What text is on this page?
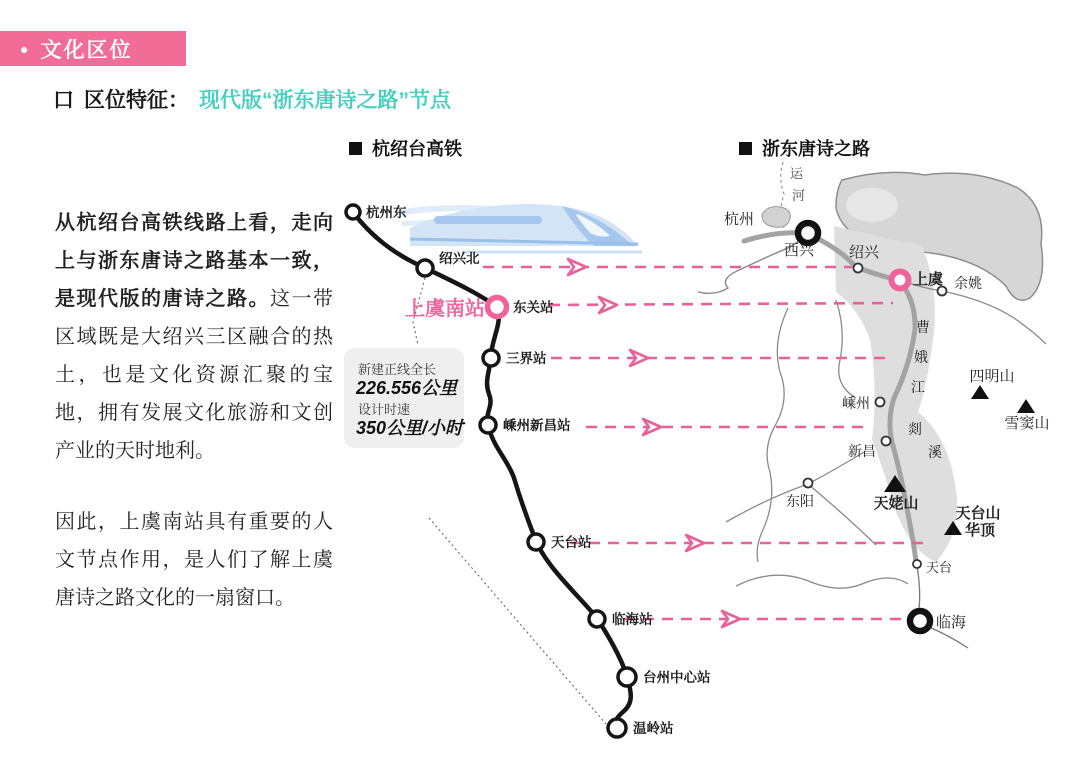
● 文化区位
口 区位特征： 现代版“浙东唐诗之路”节点

从杭绍台高铁线路上看，走向上与浙东唐诗之路基本一致，是现代版的唐诗之路。这一带区域既是大绍兴三区融合的热土，也是文化资源汇聚的宝地，拥有发展文化旅游和文创产业的天时地利。

因此，上虞南站具有重要的人文节点作用，是人们了解上虞唐诗之路文化的一扇窗口。

杭绍台高铁	浙东唐诗之路
杭州东
绍兴北
东关站
三界站
嵊州新昌站
天台站
临海站
台州中心站
温岭站
上虞南站
新建正线全长
226.556公里
设计时速
350公里/小时
运
河
杭州
西兴 绍兴
上虞 余姚
曹
娥
江
四明山
雪窦山
嵊州
剡
溪
新昌
东阳	天姥山
天台山
华顶
天台
临海
